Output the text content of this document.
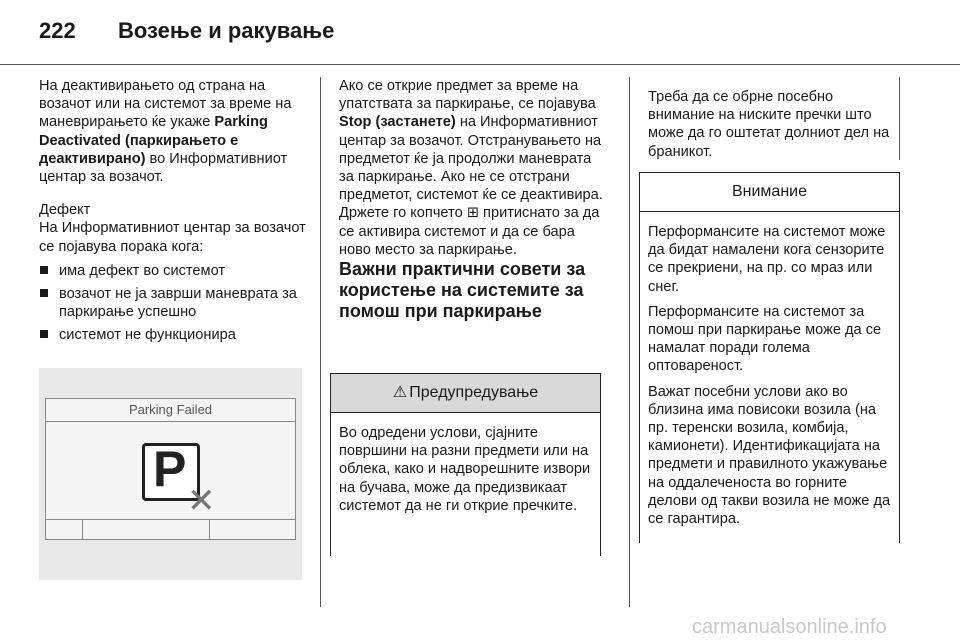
222 Возење и ракување

На деактивирањето од страна на возачот или на системот за време на маневрирањето ќе укаже Parking Deactivated (паркирањето е деактивирано) во Информативниот центар за возачот.

Дефект

На Информативниот центар за возачот се појавува порака кога:

има дефект во системот
возачот не ја заврши маневрата за паркирање успешно
системот не функционира
Parking Failed
P
✕

Ако се открие предмет за време на упатствата за паркирање, се појавува Stop (застанете) на Информативниот центар за возачот. Отстранувањето на предметот ќе ја продолжи маневрата за паркирање. Ако не се отстрани предметот, системот ќе се деактивира. Држете го копчето ⊞ притиснато за да се активира системот и да се бара ново место за паркирање.

Важни практични совети за користење на системите за помош при паркирање

⚠ Предупредување

Во одредени услови, сјајните површини на разни предмети или на облека, како и надворешните извори на бучава, може да предизвикаат системот да не ги открие пречките.

Треба да се обрне посебно внимание на ниските пречки што може да го оштетат долниот дел на браникот.

Внимание

Перформансите на системот може да бидат намалени кога сензорите се прекриени, на пр. со мраз или снег.

Перформансите на системот за помош при паркирање може да се намалат поради голема оптовареност.

Важат посебни услови ако во близина има повисоки возила (на пр. теренски возила, комбија, камионети). Идентификацијата на предмети и правилното укажување на оддалеченоста во горните делови од такви возила не може да се гарантира.

carmanualsonline.info
